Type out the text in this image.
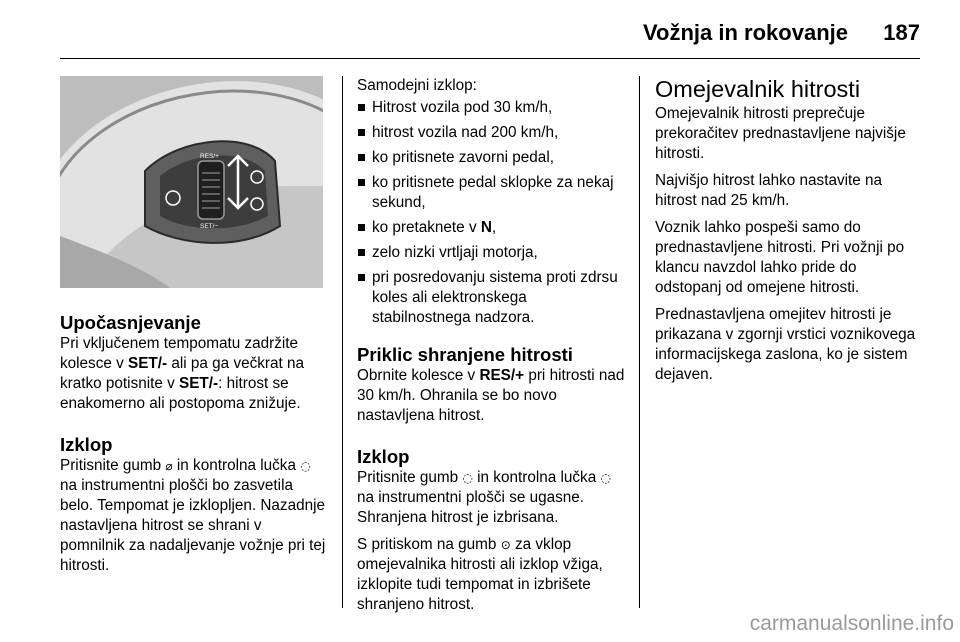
Vožnja in rokovanje 187
RES/+
SET/−
Upočasnjevanje

Pri vključenem tempomatu zadržite kolesce v SET/- ali pa ga večkrat na kratko potisnite v SET/-: hitrost se enakomerno ali postopoma znižuje.

Izklop

Pritisnite gumb ⌀ in kontrolna lučka ◌ na instrumentni plošči bo zasvetila belo. Tempomat je izklopljen. Nazadnje nastavljena hitrost se shrani v pomnilnik za nadaljevanje vožnje pri tej hitrosti.

Samodejni izklop:

Hitrost vozila pod 30 km/h,
hitrost vozila nad 200 km/h,
ko pritisnete zavorni pedal,
ko pritisnete pedal sklopke za nekaj sekund,
ko pretaknete v N,
zelo nizki vrtljaji motorja,
pri posredovanju sistema proti zdrsu koles ali elektronskega stabilnostnega nadzora.
Priklic shranjene hitrosti

Obrnite kolesce v RES/+ pri hitrosti nad 30 km/h. Ohranila se bo novo nastavljena hitrost.

Izklop

Pritisnite gumb ◌ in kontrolna lučka ◌ na instrumentni plošči se ugasne. Shranjena hitrost je izbrisana.

S pritiskom na gumb ⊙ za vklop omejevalnika hitrosti ali izklop vžiga, izklopite tudi tempomat in izbrišete shranjeno hitrost.

Omejevalnik hitrosti

Omejevalnik hitrosti preprečuje prekoračitev prednastavljene najvišje hitrosti.

Najvišjo hitrost lahko nastavite na hitrost nad 25 km/h.

Voznik lahko pospeši samo do prednastavljene hitrosti. Pri vožnji po klancu navzdol lahko pride do odstopanj od omejene hitrosti.

Prednastavljena omejitev hitrosti je prikazana v zgornji vrstici voznikovega informacijskega zaslona, ko je sistem dejaven.

carmanualsonline.info
